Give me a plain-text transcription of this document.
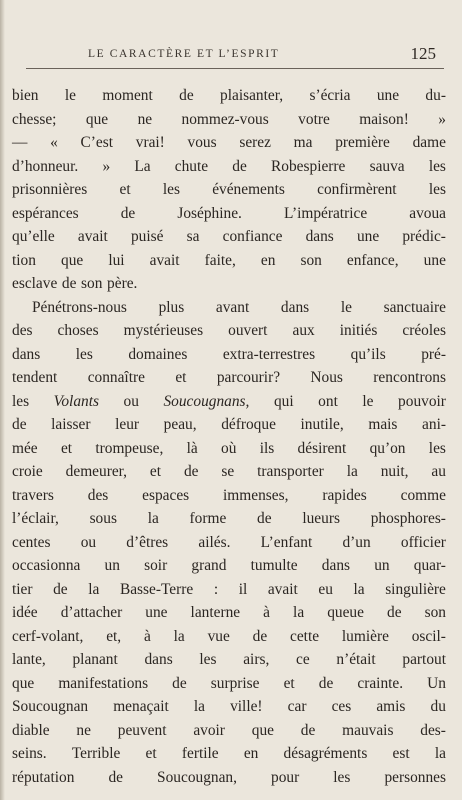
LE CARACTÈRE ET L’ESPRIT	125
bien le moment de plaisanter, s’écria une du-
chesse; que ne nommez-vous votre maison! »
— « C’est vrai! vous serez ma première dame
d’honneur. » La chute de Robespierre sauva les
prisonnières et les événements confirmèrent les
espérances	de	Joséphine.	L’impératrice	avoua
qu’elle avait puisé sa confiance dans une prédic-
tion que lui avait faite, en son enfance, une
esclave de son père.
Pénétrons-nous plus avant dans le sanctuaire
des choses mystérieuses ouvert aux initiés créoles
dans les domaines extra-terrestres qu’ils pré-
tendent connaître et parcourir? Nous rencontrons
les Volants ou Soucougnans, qui ont le pouvoir
de laisser leur peau, défroque inutile, mais ani-
mée et trompeuse, là où ils désirent qu’on les
croie demeurer, et de se transporter la nuit, au
travers des espaces immenses, rapides comme
l’éclair, sous la forme de lueurs phosphores-
centes ou d’êtres ailés. L’enfant d’un officier
occasionna un soir grand tumulte dans un quar-
tier de la Basse-Terre : il avait eu la singulière
idée d’attacher une lanterne à la queue de son
cerf-volant, et, à la vue de cette lumière oscil-
lante, planant dans les airs, ce n’était partout
que manifestations de surprise et de crainte. Un
Soucougnan menaçait la ville! car ces amis du
diable ne peuvent avoir que de mauvais des-
seins. Terrible et fertile en désagréments est la
réputation de Soucougnan, pour les personnes
